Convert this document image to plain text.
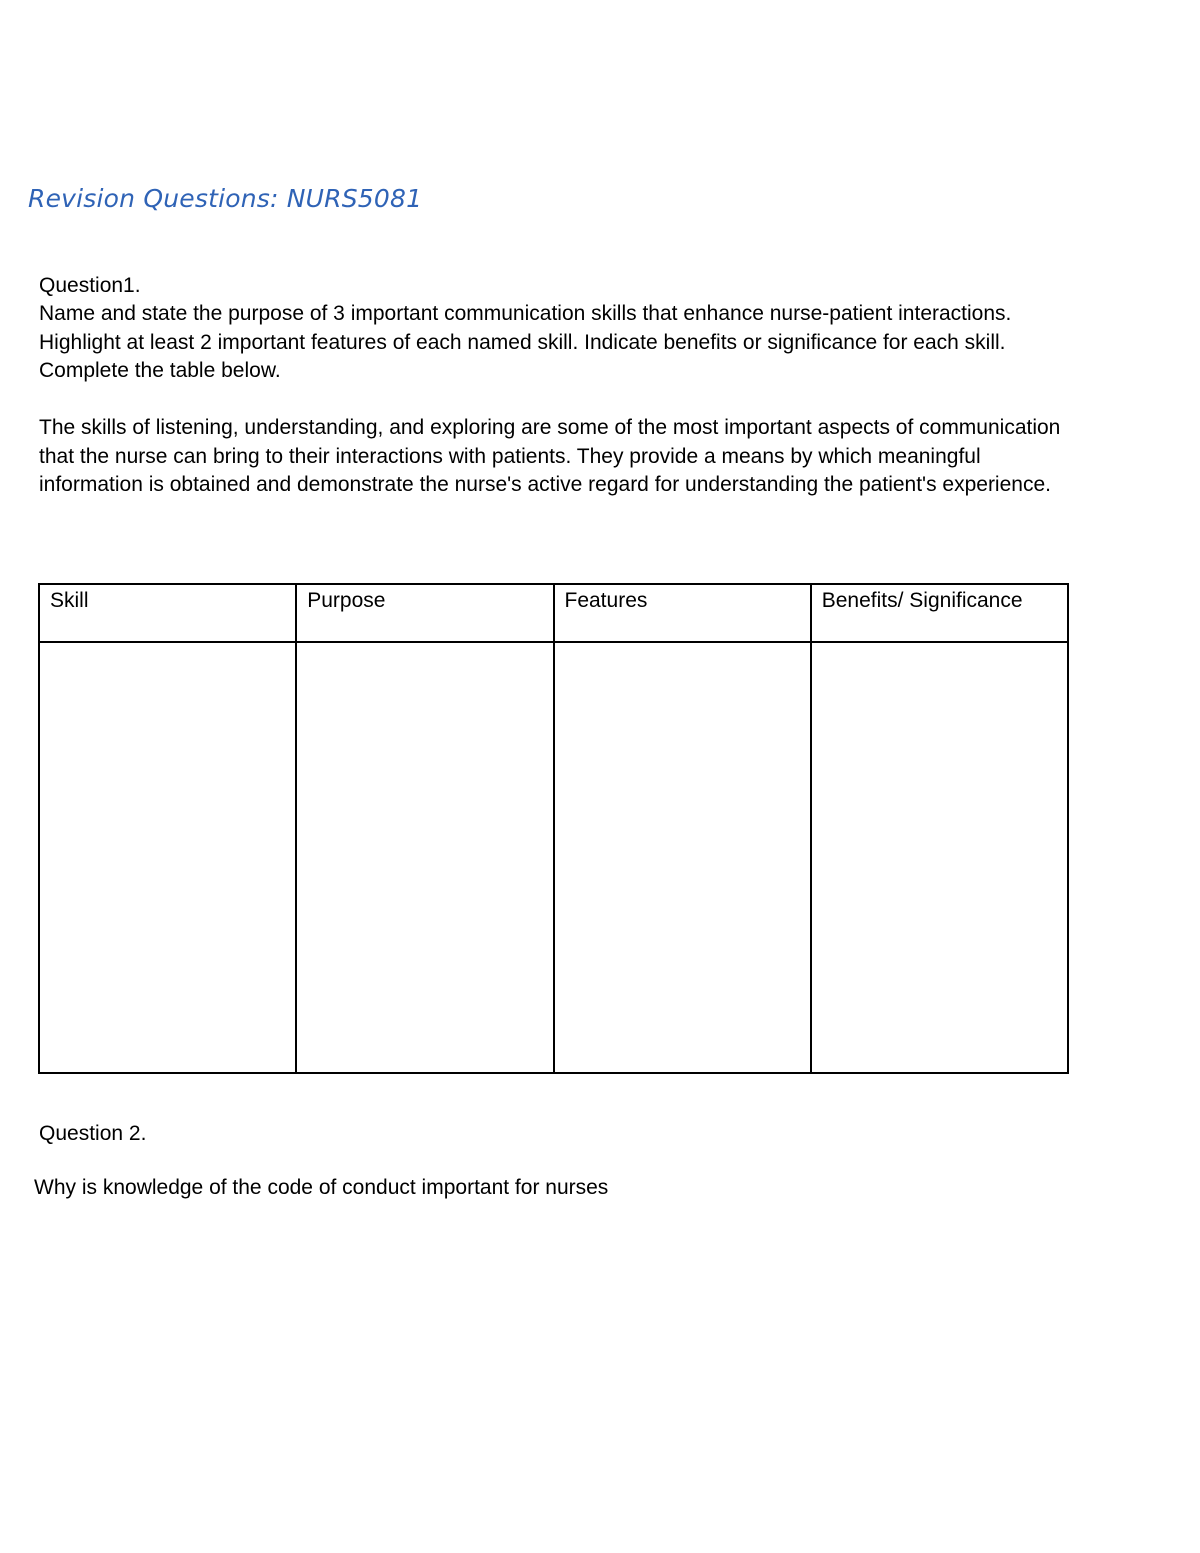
Revision Questions: NURS5081
Question1.
Name and state the purpose of 3 important communication skills that enhance nurse-patient interactions. Highlight at least 2 important features of each named skill. Indicate benefits or significance for each skill. Complete the table below.
The skills of listening, understanding, and exploring are some of the most important aspects of communication that the nurse can bring to their interactions with patients. They provide a means by which meaningful information is obtained and demonstrate the nurse's active regard for understanding the patient's experience.
Skill	Purpose	Features	Benefits/ Significance

Question 2.
Why is knowledge of the code of conduct important for nurses
